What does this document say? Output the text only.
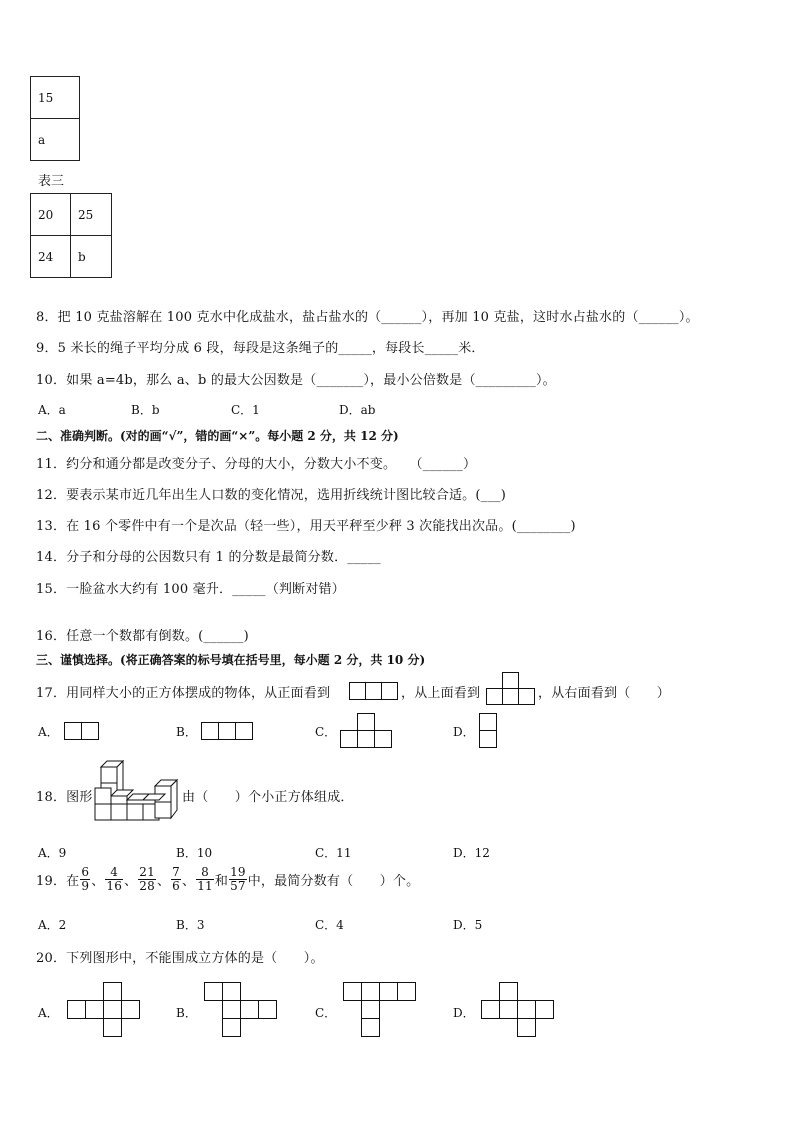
15
a
表三
20	25
24	b
8．把 10 克盐溶解在 100 克水中化成盐水，盐占盐水的（______），再加 10 克盐，这时水占盐水的（______）。
9．5 米长的绳子平均分成 6 段，每段是这条绳子的_____，每段长_____米．
10．如果 a=4b，那么 a、b 的最大公因数是（_______），最小公倍数是（_________）。
A．a	B．b	C．1	D．ab
二、准确判断。(对的画“√”，错的画“×”。每小题 2 分，共 12 分)
11．约分和通分都是改变分子、分母的大小，分数大小不变。　　（______）
12．要表示某市近几年出生人口数的变化情况，选用折线统计图比较合适。(___)
13．在 16 个零件中有一个是次品（轻一些），用天平秤至少秤 3 次能找出次品。(________)
14．分子和分母的公因数只有 1 的分数是最简分数．_____
15．一脸盆水大约有 100 毫升．_____（判断对错）
16．任意一个数都有倒数。(______)
三、谨慎选择。(将正确答案的标号填在括号里，每小题 2 分，共 10 分)
17．用同样大小的正方体摆成的物体，从正面看到	，从上面看到	，从右面看到（　　）
A．	B．	C．	D．
18．图形	由（　　）个小正方体组成．
A．9	B．10	C．11	D．12
19．在 $\frac{6}{9}$ 、 $\frac{4}{16}$ 、 $\frac{21}{28}$ 、 $\frac{7}{6}$ 、 $\frac{8}{11}$ 和 $\frac{19}{57}$ 中，最简分数有（　　）个。
A．2	B．3	C．4	D．5
20．下列图形中，不能围成立方体的是（　　）。
A．	B．	C．	D．
